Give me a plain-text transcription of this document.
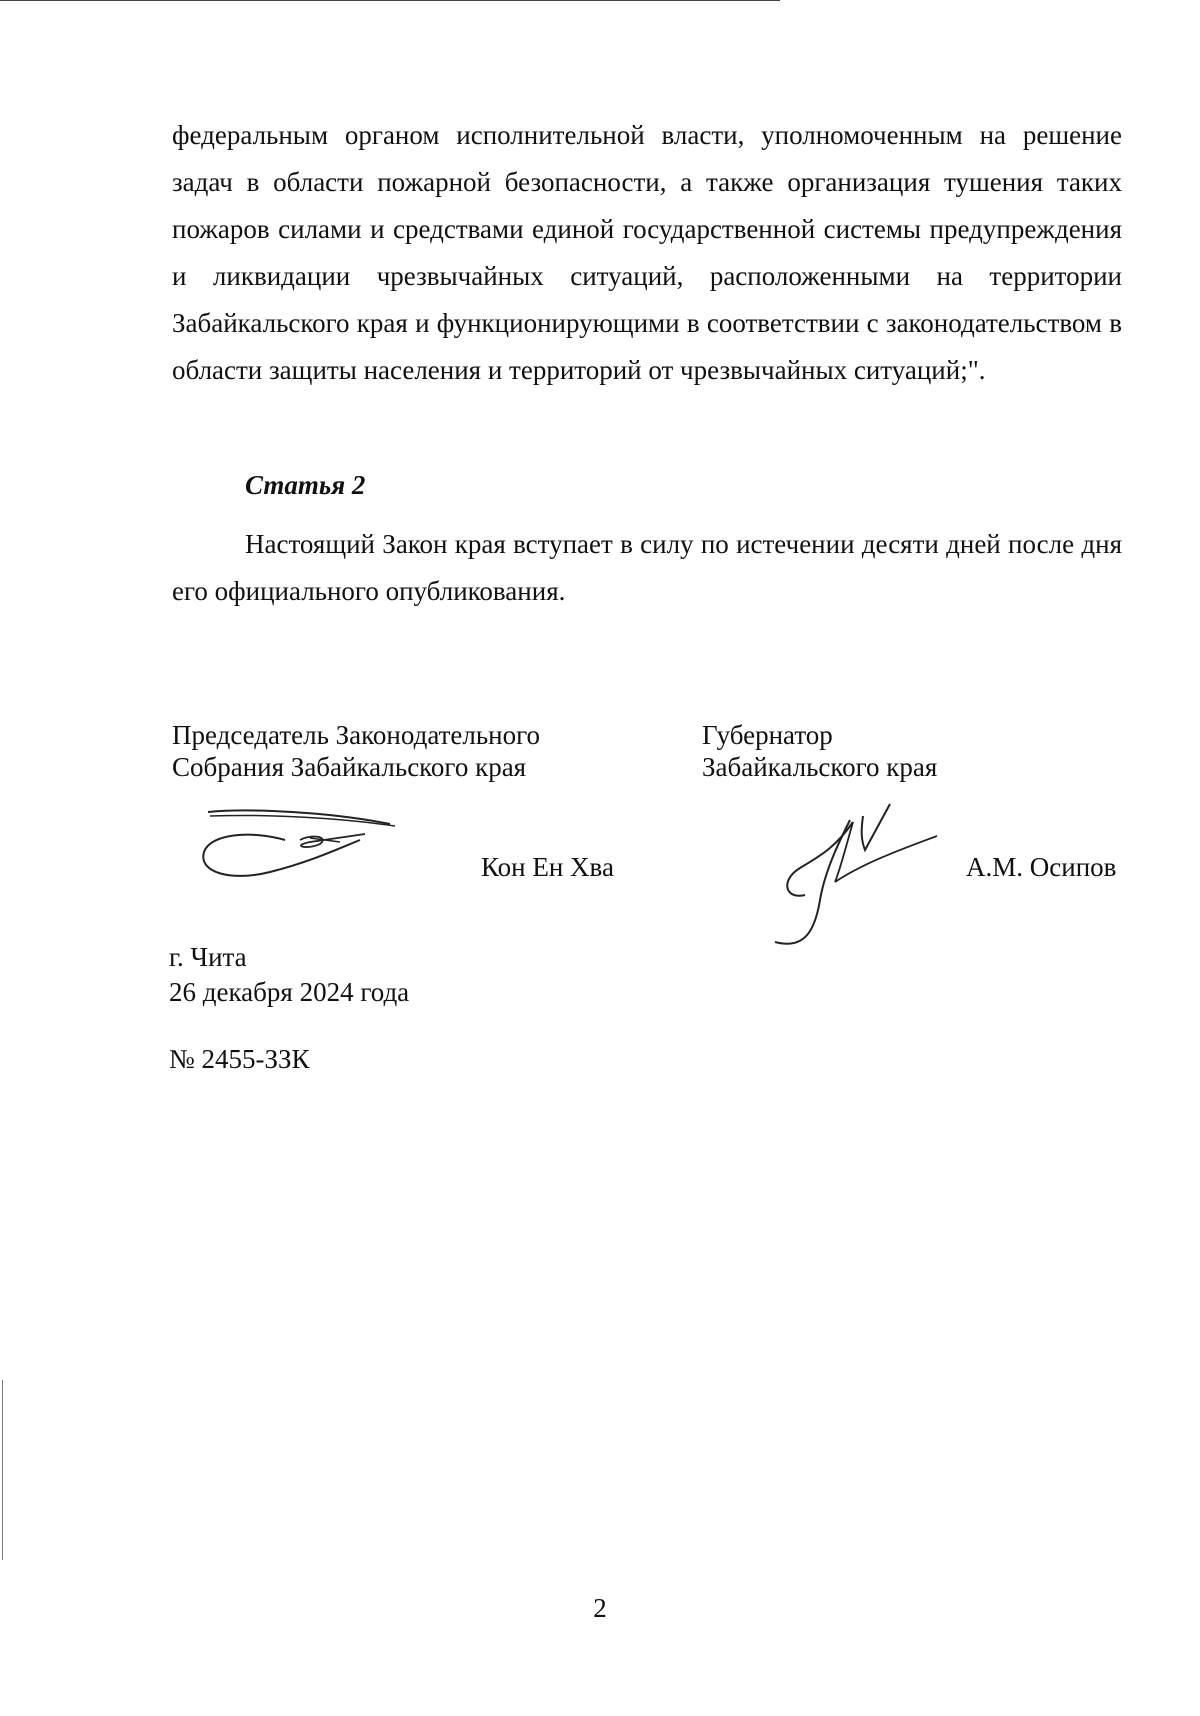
федеральным органом исполнительной власти, уполномоченным на решение задач в области пожарной безопасности, а также организация тушения таких пожаров силами и средствами единой государственной системы предупреждения и ликвидации чрезвычайных ситуаций, расположенными на территории Забайкальского края и функционирующими в соответствии с законодательством в области защиты населения и территорий от чрезвычайных ситуаций;".

Статья 2

Настоящий Закон края вступает в силу по истечении десяти дней после дня его официального опубликования.

Председатель Законодательного
Собрания Забайкальского края
Губернатор
Забайкальского края

Кон Ен Хва	А.М. Осипов

г. Чита
26 декабря 2024 года

№ 2455-ЗЗК

2
